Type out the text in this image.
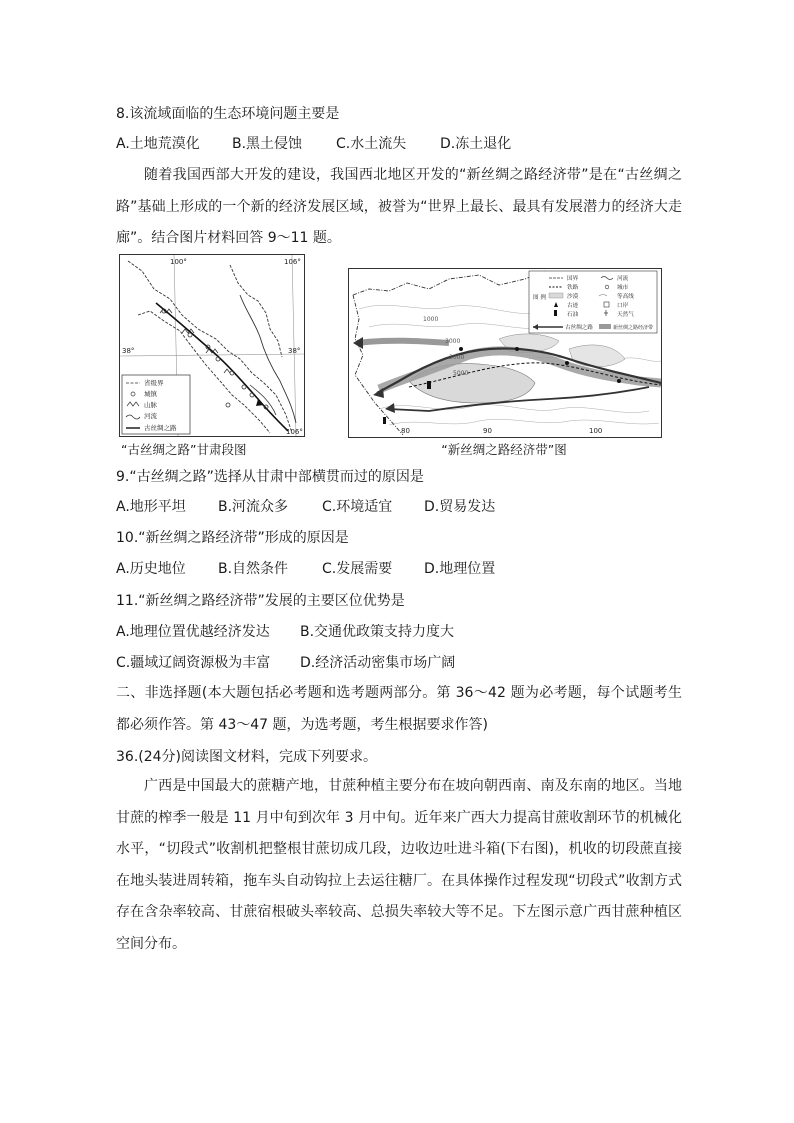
8.该流域面临的生态环境问题主要是
A.土地荒漠化 B.黑土侵蚀 C.水土流失 D.冻土退化
随着我国西部大开发的建设，我国西北地区开发的“新丝绸之路经济带”是在“古丝绸之路”基础上形成的一个新的经济发展区域，被誉为“世界上最长、最具有发展潜力的经济大走廊”。结合图片材料回答 9～11 题。
100°	106°
38°	38°
106°
省级界
城镇
山脉
河流
古丝绸之路
“古丝绸之路”甘肃段图
1000
3000
2000
5000
80	90	100
图 例
国界	河流
铁路	城市
沙漠	等高线
古迹	口岸
石油	天然气
古丝绸之路	新丝绸之路经济带
“新丝绸之路经济带”图
9.“古丝绸之路”选择从甘肃中部横贯而过的原因是
A.地形平坦 B.河流众多 C.环境适宜 D.贸易发达
10.“新丝绸之路经济带”形成的原因是
A.历史地位 B.自然条件 C.发展需要 D.地理位置
11.“新丝绸之路经济带”发展的主要区位优势是
A.地理位置优越经济发达 B.交通优政策支持力度大
C.疆域辽阔资源极为丰富 D.经济活动密集市场广阔
二、非选择题(本大题包括必考题和选考题两部分。第 36～42 题为必考题，每个试题考生都必须作答。第 43～47 题，为选考题，考生根据要求作答)
36.(24分)阅读图文材料，完成下列要求。
广西是中国最大的蔗糖产地，甘蔗种植主要分布在坡向朝西南、南及东南的地区。当地甘蔗的榨季一般是 11 月中旬到次年 3 月中旬。近年来广西大力提高甘蔗收割环节的机械化水平，“切段式”收割机把整根甘蔗切成几段，边收边吐进斗箱(下右图)，机收的切段蔗直接在地头装进周转箱，拖车头自动钩拉上去运往糖厂。在具体操作过程发现“切段式”收割方式存在含杂率较高、甘蔗宿根破头率较高、总损失率较大等不足。下左图示意广西甘蔗种植区空间分布。
